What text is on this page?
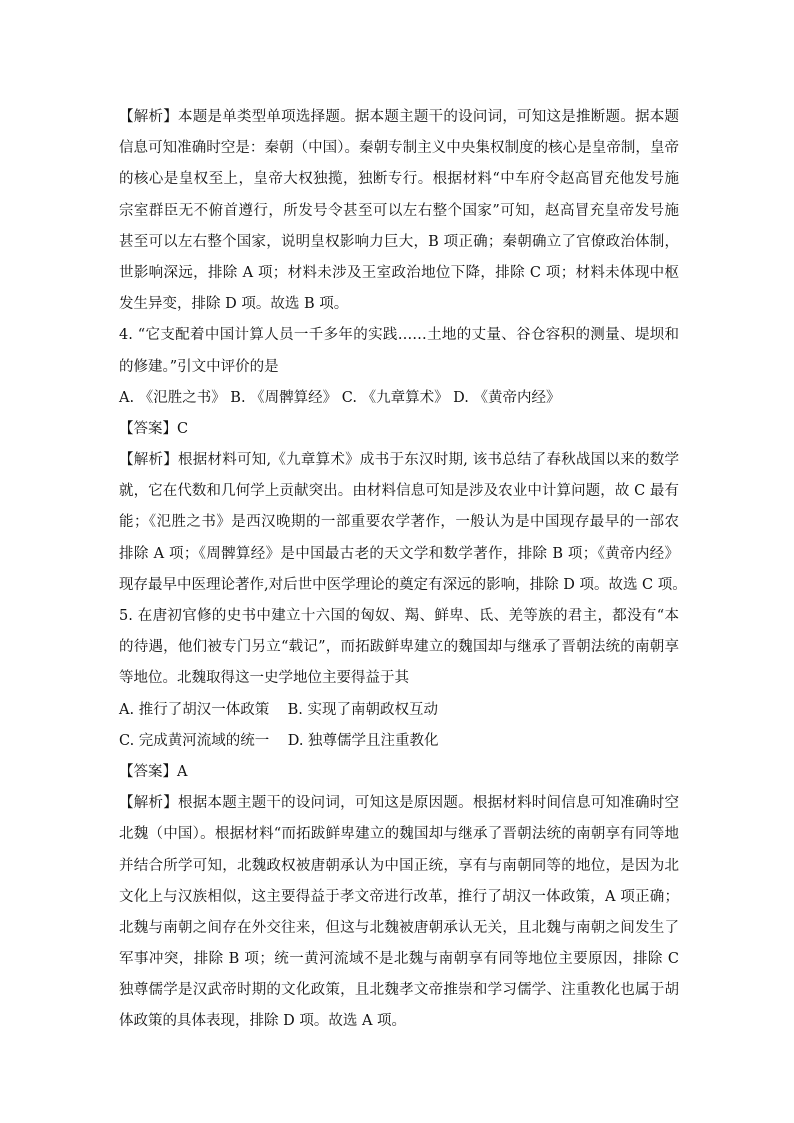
【解析】本题是单类型单项选择题。据本题主题干的设问词，可知这是推断题。据本题
信息可知准确时空是：秦朝（中国）。秦朝专制主义中央集权制度的核心是皇帝制，皇帝
的核心是皇权至上，皇帝大权独揽，独断专行。根据材料“中车府令赵高冒充他发号施
宗室群臣无不俯首遵行，所发号令甚至可以左右整个国家”可知，赵高冒充皇帝发号施
甚至可以左右整个国家，说明皇权影响力巨大，B 项正确；秦朝确立了官僚政治体制，
世影响深远，排除 A 项；材料未涉及王室政治地位下降，排除 C 项；材料未体现中枢
发生异变，排除 D 项。故选 B 项。
4. “它支配着中国计算人员一千多年的实践……土地的丈量、谷仓容积的测量、堤坝和
的修建。”引文中评价的是
A. 《氾胜之书》 B. 《周髀算经》 C. 《九章算术》 D. 《黄帝内经》
【答案】C
【解析】根据材料可知,《九章算术》成书于东汉时期, 该书总结了春秋战国以来的数学
就，它在代数和几何学上贡献突出。由材料信息可知是涉及农业中计算问题，故 C 最有
能；《氾胜之书》是西汉晚期的一部重要农学著作，一般认为是中国现存最早的一部农
排除 A 项；《周髀算经》是中国最古老的天文学和数学著作，排除 B 项；《黄帝内经》
现存最早中医理论著作,对后世中医学理论的奠定有深远的影响，排除 D 项。故选 C 项。
5. 在唐初官修的史书中建立十六国的匈奴、羯、鲜卑、氐、羌等族的君主，都没有“本
的待遇，他们被专门另立“载记”，而拓跋鲜卑建立的魏国却与继承了晋朝法统的南朝享
等地位。北魏取得这一史学地位主要得益于其
A. 推行了胡汉一体政策    B. 实现了南朝政权互动
C. 完成黄河流域的统一    D. 独尊儒学且注重教化
【答案】A
【解析】根据本题主题干的设问词，可知这是原因题。根据材料时间信息可知准确时空
北魏（中国）。根据材料“而拓跋鲜卑建立的魏国却与继承了晋朝法统的南朝享有同等地
并结合所学可知，北魏政权被唐朝承认为中国正统，享有与南朝同等的地位，是因为北
文化上与汉族相似，这主要得益于孝文帝进行改革，推行了胡汉一体政策，A 项正确；
北魏与南朝之间存在外交往来，但这与北魏被唐朝承认无关，且北魏与南朝之间发生了
军事冲突，排除 B 项；统一黄河流域不是北魏与南朝享有同等地位主要原因，排除 C
独尊儒学是汉武帝时期的文化政策，且北魏孝文帝推崇和学习儒学、注重教化也属于胡
体政策的具体表现，排除 D 项。故选 A 项。
